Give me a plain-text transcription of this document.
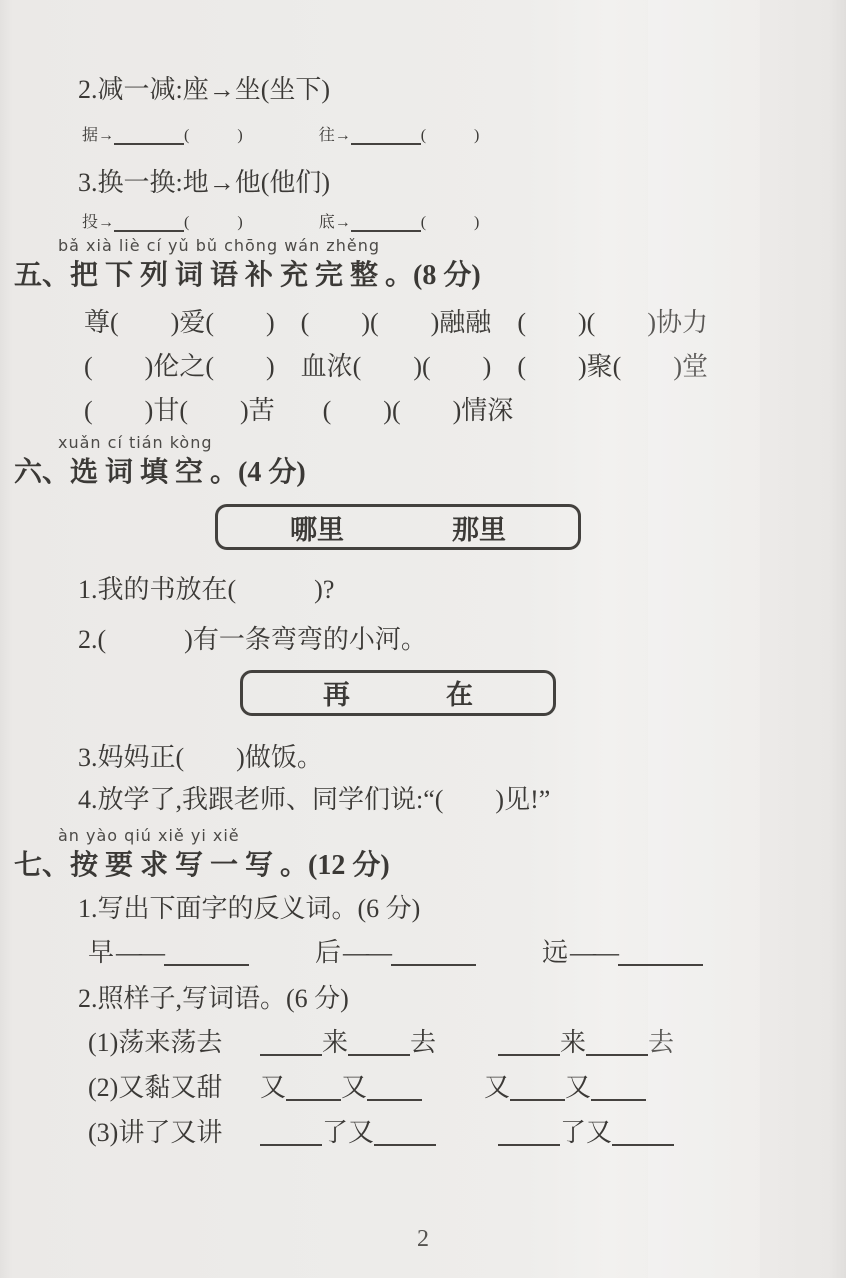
2.减一减:座→坐(坐下)
据→	(　　　)	往→	(　　　)
3.换一换:地→他(他们)
投→	(　　　)	底→	(　　　)
bǎ xià liè cí yǔ bǔ chōng wán zhěng
五、把 下 列 词 语 补 充 完 整 。(8 分)
尊(　　)爱(　　) (　　)(　　)融融 (　　)(　　)协力
(　　)伦之(　　) 血浓(　　)(　　) (　　)聚(　　)堂
(　　)甘(　　)苦 (　　)(　　)情深
xuǎn cí tián kòng
六、选 词 填 空 。(4 分)
哪里	那里
1.我的书放在(　　　)?
2.(　　　)有一条弯弯的小河。
再	在
3.妈妈正(　　)做饭。
4.放学了,我跟老师、同学们说:“(　　)见!”
àn yào qiú xiě yi xiě
七、按 要 求 写 一 写 。(12 分)
1.写出下面字的反义词。(6 分)
早——	后——	远——
2.照样子,写词语。(6 分)
(1)荡来荡去	来 去	来 去
(2)又黏又甜	又 又	又 又
(3)讲了又讲	了又	了又
2
